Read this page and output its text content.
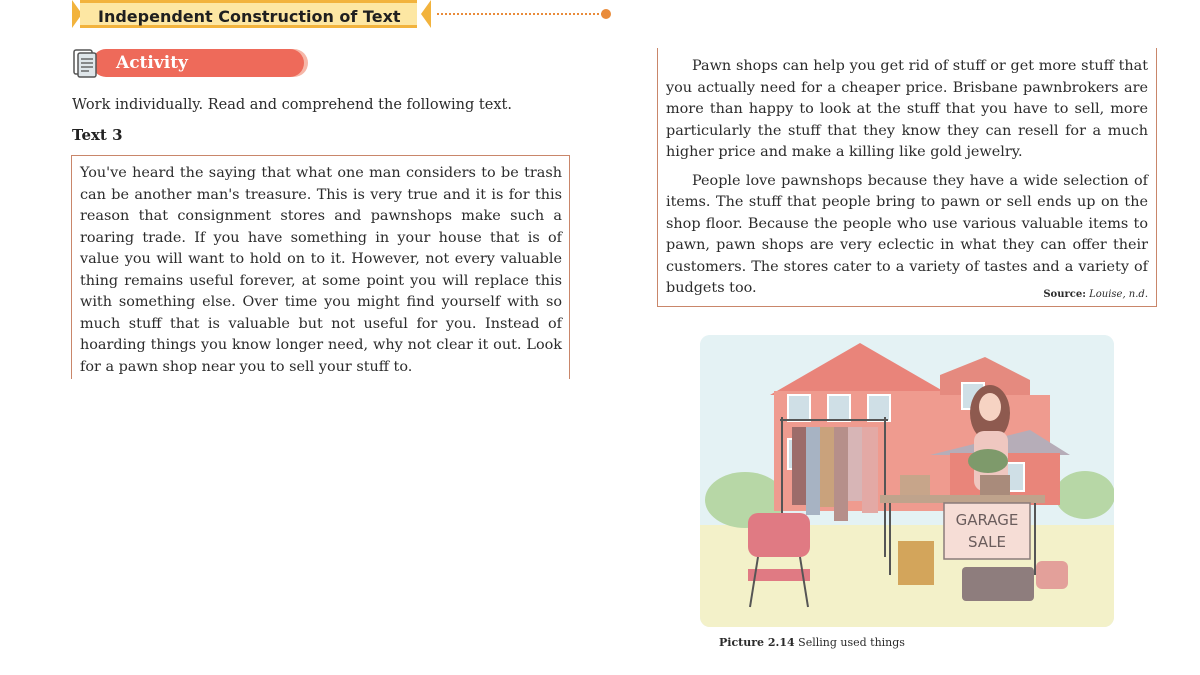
Independent Construction of Text
Activity 8
Work individually. Read and comprehend the following text.
Text 3

You've heard the saying that what one man considers to be trash can be another man's treasure. This is very true and it is for this reason that consignment stores and pawnshops make such a roaring trade. If you have something in your house that is of value you will want to hold on to it. However, not every valuable thing remains useful forever, at some point you will replace this with something else. Over time you might find yourself with so much stuff that is valuable but not useful for you. Instead of hoarding things you know longer need, why not clear it out. Look for a pawn shop near you to sell your stuff to.

Pawn shops can help you get rid of stuff or get more stuff that you actually need for a cheaper price. Brisbane pawnbrokers are more than happy to look at the stuff that you have to sell, more particularly the stuff that they know they can resell for a much higher price and make a killing like gold jewelry.

People love pawnshops because they have a wide selection of items. The stuff that people bring to pawn or sell ends up on the shop floor. Because the people who use various valuable items to pawn, pawn shops are very eclectic in what they can offer their customers. The stores cater to a variety of tastes and a variety of budgets too.	Source: Louise, n.d.
GARAGE
SALE
Picture 2.14 Selling used things
